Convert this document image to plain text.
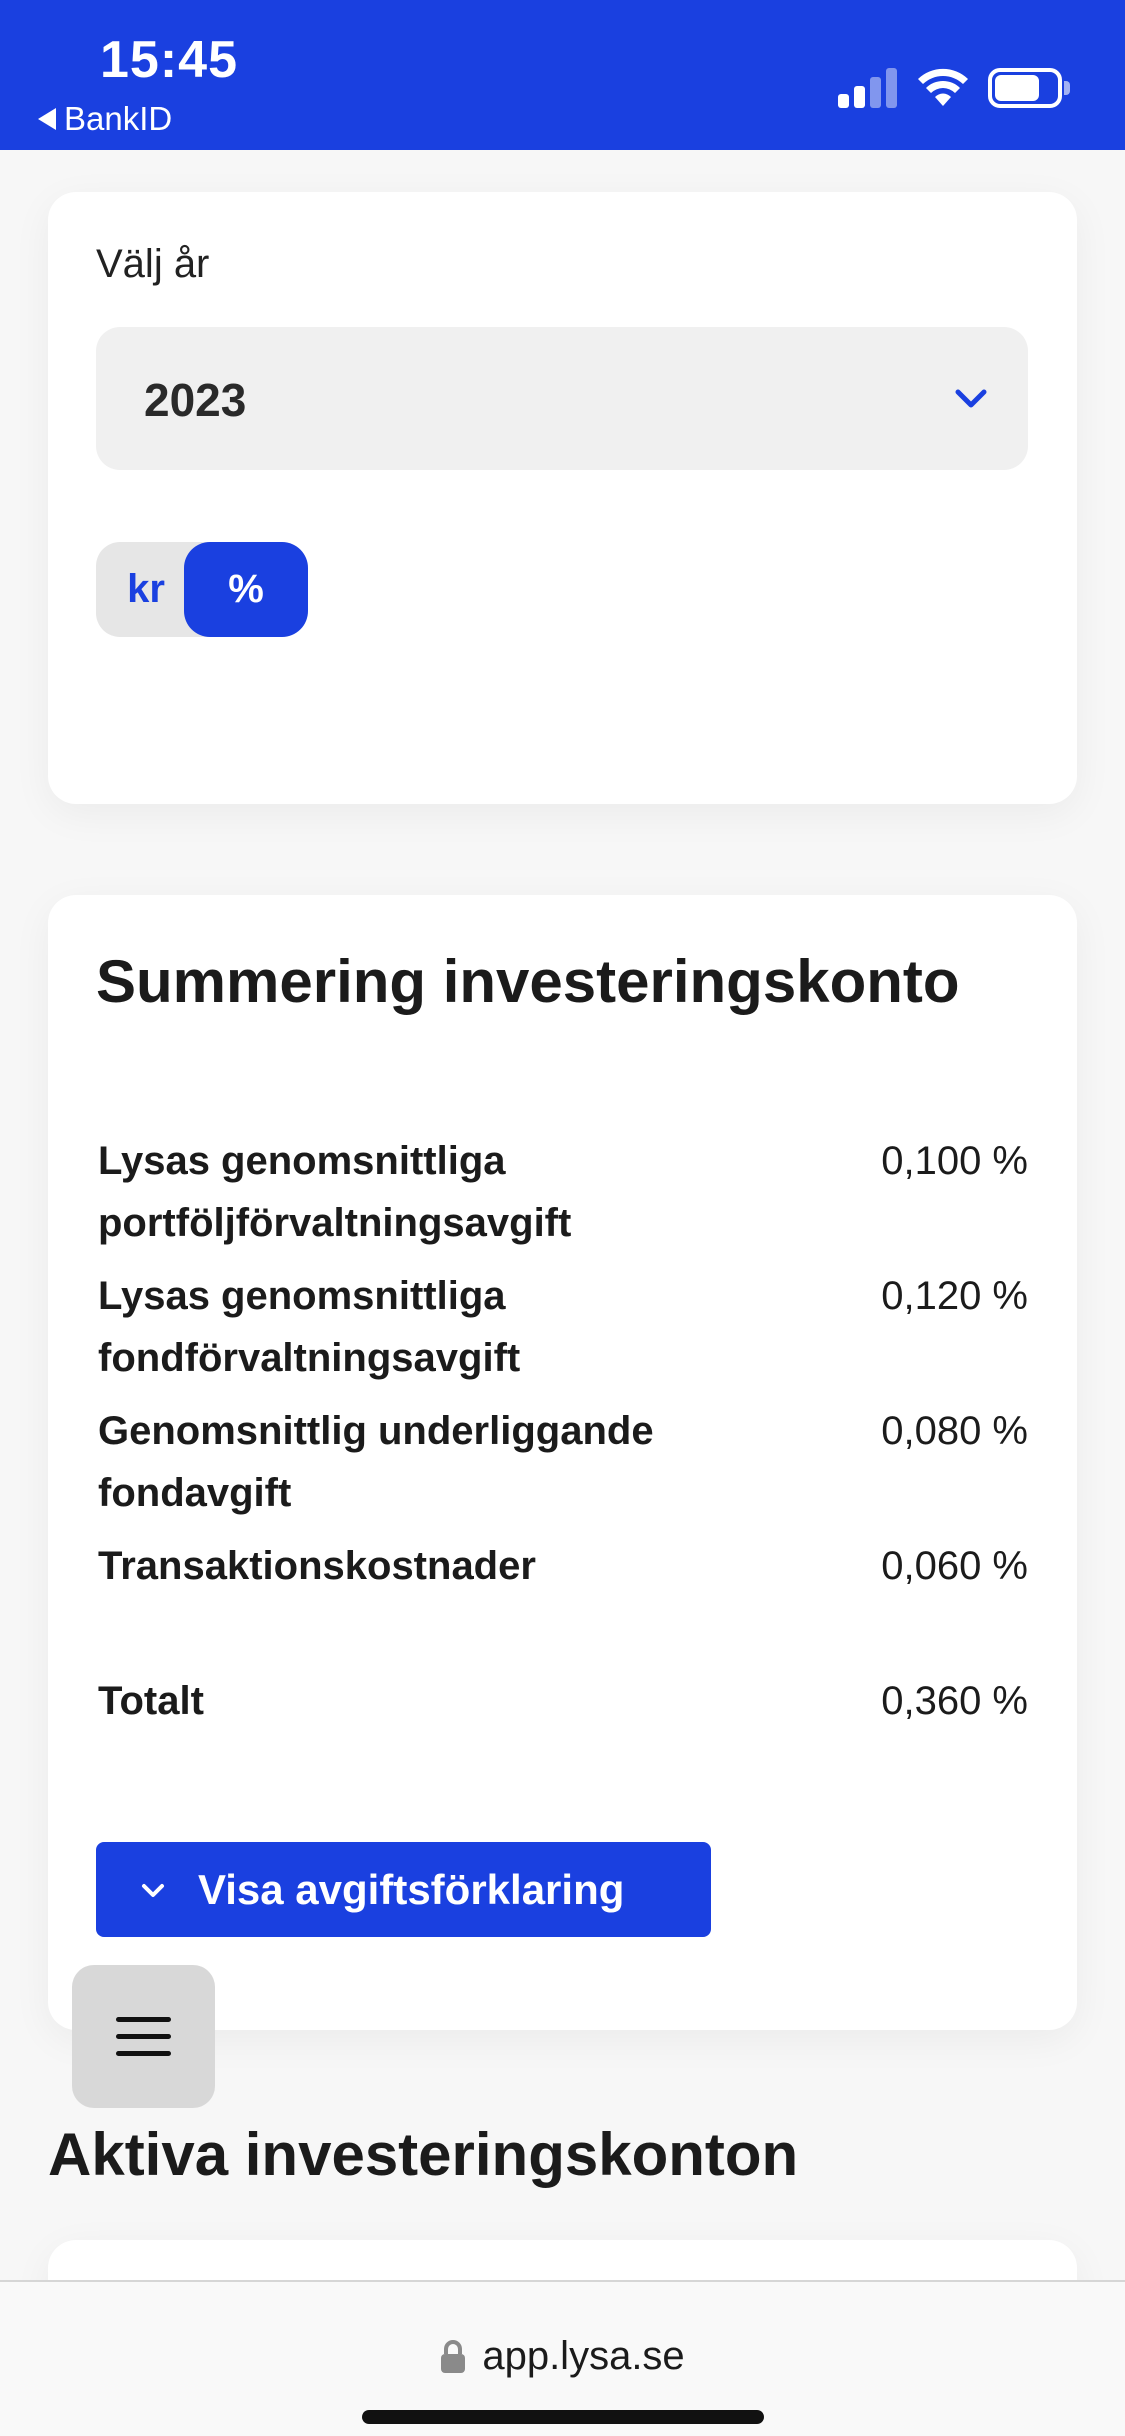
15:45
BankID
Välj år
2023
kr	%
Summering investeringskonto
Lysas genomsnittliga
portföljförvaltningsavgift
0,100 %
Lysas genomsnittliga
fondförvaltningsavgift
0,120 %
Genomsnittlig underliggande
fondavgift
0,080 %
Transaktionskostnader	0,060 %
Totalt	0,360 %
Visa avgiftsförklaring
Aktiva investeringskonton
app.lysa.se
